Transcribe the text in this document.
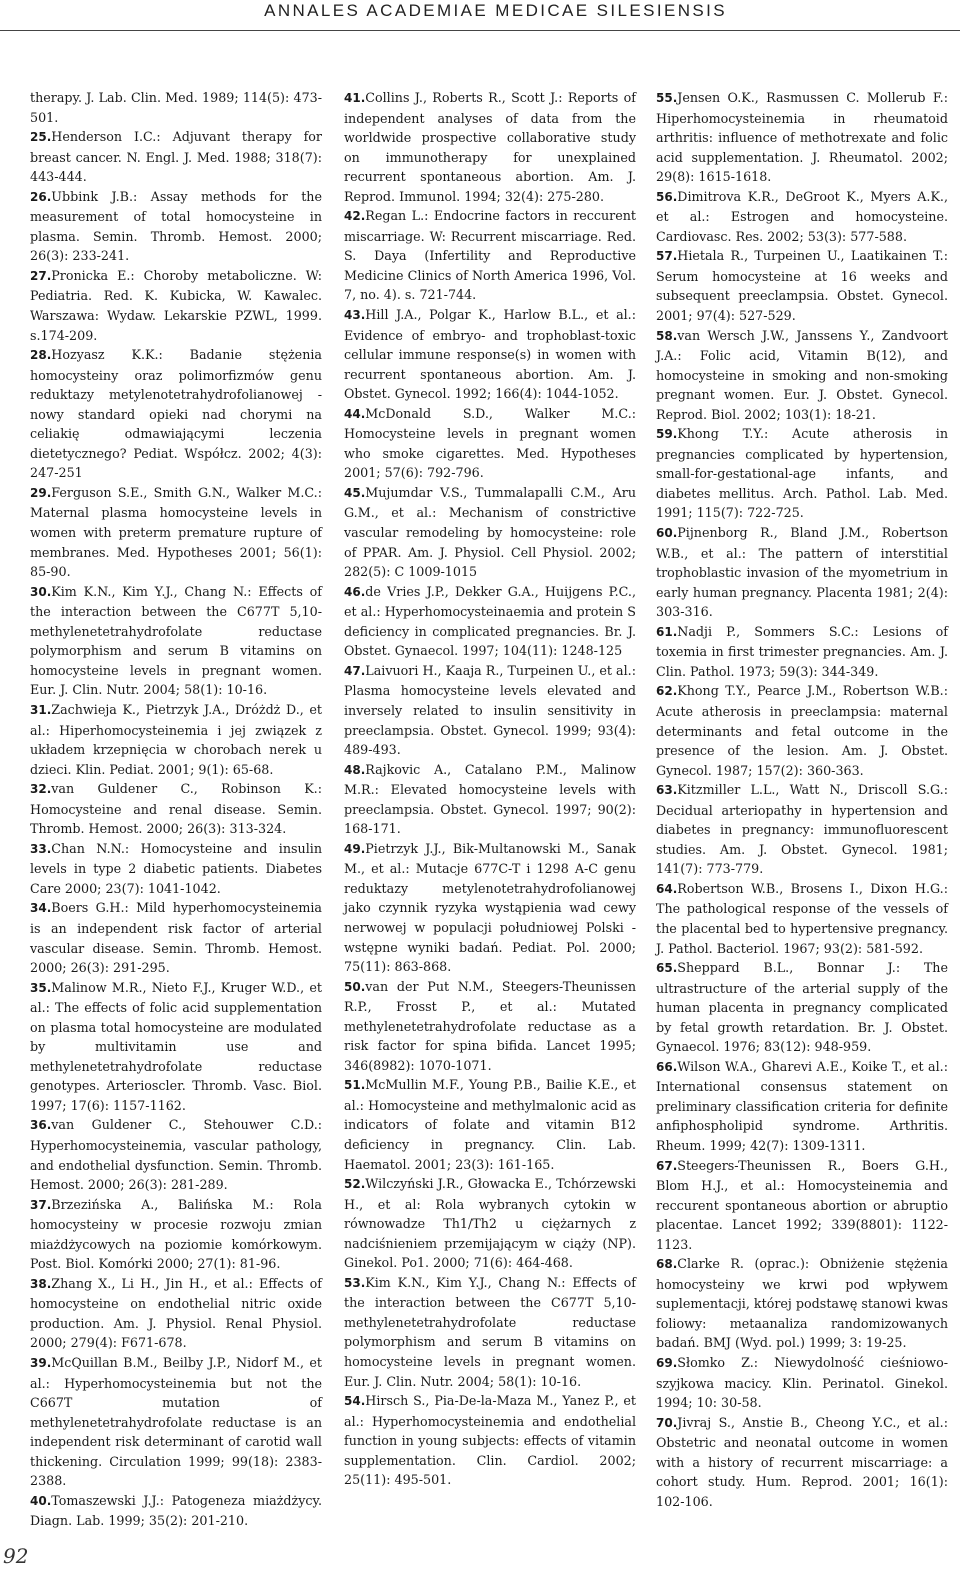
ANNALES ACADEMIAE MEDICAE SILESIENSIS

therapy. J. Lab. Clin. Med. 1989; 114(5): 473-501.

25.Henderson I.C.: Adjuvant therapy for breast cancer. N. Engl. J. Med. 1988; 318(7): 443-444.

26.Ubbink J.B.: Assay methods for the measurement of total homocysteine in plasma. Semin. Thromb. Hemost. 2000; 26(3): 233-241.

27.Pronicka E.: Choroby metaboliczne. W: Pediatria. Red. K. Kubicka, W. Kawalec. Warszawa: Wydaw. Lekarskie PZWL, 1999. s.174-209.

28.Hozyasz K.K.: Badanie stężenia homocysteiny oraz polimorfizmów genu reduktazy metylenotetrahydrofolianowej - nowy standard opieki nad chorymi na celiakię odmawiającymi leczenia dietetycznego? Pediat. Współcz. 2002; 4(3): 247-251

29.Ferguson S.E., Smith G.N., Walker M.C.: Maternal plasma homocysteine levels in women with preterm premature rupture of membranes. Med. Hypotheses 2001; 56(1): 85-90.

30.Kim K.N., Kim Y.J., Chang N.: Effects of the interaction between the C677T 5,10-methylenetetrahydrofolate reductase polymorphism and serum B vitamins on homocysteine levels in pregnant women. Eur. J. Clin. Nutr. 2004; 58(1): 10-16.

31.Zachwieja K., Pietrzyk J.A., Dróżdż D., et al.: Hiperhomocysteinemia i jej związek z układem krzepnięcia w chorobach nerek u dzieci. Klin. Pediat. 2001; 9(1): 65-68.

32.van Guldener C., Robinson K.: Homocysteine and renal disease. Semin. Thromb. Hemost. 2000; 26(3): 313-324.

33.Chan N.N.: Homocysteine and insulin levels in type 2 diabetic patients. Diabetes Care 2000; 23(7): 1041-1042.

34.Boers G.H.: Mild hyperhomocysteinemia is an independent risk factor of arterial vascular disease. Semin. Thromb. Hemost. 2000; 26(3): 291-295.

35.Malinow M.R., Nieto F.J., Kruger W.D., et al.: The effects of folic acid supplementation on plasma total homocysteine are modulated by multivitamin use and methylenetetrahydrofolate reductase genotypes. Arterioscler. Thromb. Vasc. Biol. 1997; 17(6): 1157-1162.

36.van Guldener C., Stehouwer C.D.: Hyperhomocysteinemia, vascular pathology, and endothelial dysfunction. Semin. Thromb. Hemost. 2000; 26(3): 281-289.

37.Brzezińska A., Balińska M.: Rola homocysteiny w procesie rozwoju zmian miażdżycowych na poziomie komórkowym. Post. Biol. Komórki 2000; 27(1): 81-96.

38.Zhang X., Li H., Jin H., et al.: Effects of homocysteine on endothelial nitric oxide production. Am. J. Physiol. Renal Physiol. 2000; 279(4): F671-678.

39.McQuillan B.M., Beilby J.P., Nidorf M., et al.: Hyperhomocysteinemia but not the C667T mutation of methylenetetrahydrofolate reductase is an independent risk determinant of carotid wall thickening. Circulation 1999; 99(18): 2383-2388.

40.Tomaszewski J.J.: Patogeneza miażdżycy. Diagn. Lab. 1999; 35(2): 201-210.

41.Collins J., Roberts R., Scott J.: Reports of independent analyses of data from the worldwide prospective collaborative study on immunotherapy for unexplained recurrent spontaneous abortion. Am. J. Reprod. Immunol. 1994; 32(4): 275-280.

42.Regan L.: Endocrine factors in reccurent miscarriage. W: Recurrent miscarriage. Red. S. Daya (Infertility and Reproductive Medicine Clinics of North America 1996, Vol. 7, no. 4). s. 721-744.

43.Hill J.A., Polgar K., Harlow B.L., et al.: Evidence of embryo- and trophoblast-toxic cellular immune response(s) in women with recurrent spontaneous abortion. Am. J. Obstet. Gynecol. 1992; 166(4): 1044-1052.

44.McDonald S.D., Walker M.C.: Homocysteine levels in pregnant women who smoke cigarettes. Med. Hypotheses 2001; 57(6): 792-796.

45.Mujumdar V.S., Tummalapalli C.M., Aru G.M., et al.: Mechanism of constrictive vascular remodeling by homocysteine: role of PPAR. Am. J. Physiol. Cell Physiol. 2002; 282(5): C 1009-1015

46.de Vries J.P., Dekker G.A., Huijgens P.C., et al.: Hyperhomocysteinaemia and protein S deficiency in complicated pregnancies. Br. J. Obstet. Gynaecol. 1997; 104(11): 1248-125

47.Laivuori H., Kaaja R., Turpeinen U., et al.: Plasma homocysteine levels elevated and inversely related to insulin sensitivity in preeclampsia. Obstet. Gynecol. 1999; 93(4): 489-493.

48.Rajkovic A., Catalano P.M., Malinow M.R.: Elevated homocysteine levels with preeclampsia. Obstet. Gynecol. 1997; 90(2): 168-171.

49.Pietrzyk J.J., Bik-Multanowski M., Sanak M., et al.: Mutacje 677C-T i 1298 A-C genu reduktazy metylenotetrahydrofolianowej jako czynnik ryzyka wystąpienia wad cewy nerwowej w populacji południowej Polski - wstępne wyniki badań. Pediat. Pol. 2000; 75(11): 863-868.

50.van der Put N.M., Steegers-Theunissen R.P., Frosst P., et al.: Mutated methylenetetrahydrofolate reductase as a risk factor for spina bifida. Lancet 1995; 346(8982): 1070-1071.

51.McMullin M.F., Young P.B., Bailie K.E., et al.: Homocysteine and methylmalonic acid as indicators of folate and vitamin B12 deficiency in pregnancy. Clin. Lab. Haematol. 2001; 23(3): 161-165.

52.Wilczyński J.R., Głowacka E., Tchórzewski H., et al: Rola wybranych cytokin w równowadze Th1/Th2 u ciężarnych z nadciśnieniem przemijającym w ciąży (NP). Ginekol. Po1. 2000; 71(6): 464-468.

53.Kim K.N., Kim Y.J., Chang N.: Effects of the interaction between the C677T 5,10-methylenetetrahydrofolate reductase polymorphism and serum B vitamins on homocysteine levels in pregnant women. Eur. J. Clin. Nutr. 2004; 58(1): 10-16.

54.Hirsch S., Pia-De-la-Maza M., Yanez P., et al.: Hyperhomocysteinemia and endothelial function in young subjects: effects of vitamin supplementation. Clin. Cardiol. 2002; 25(11): 495-501.

55.Jensen O.K., Rasmussen C. Mollerub F.: Hiperhomocysteinemia in rheumatoid arthritis: influence of methotrexate and folic acid supplementation. J. Rheumatol. 2002; 29(8): 1615-1618.

56.Dimitrova K.R., DeGroot K., Myers A.K., et al.: Estrogen and homocysteine. Cardiovasc. Res. 2002; 53(3): 577-588.

57.Hietala R., Turpeinen U., Laatikainen T.: Serum homocysteine at 16 weeks and subsequent preeclampsia. Obstet. Gynecol. 2001; 97(4): 527-529.

58.van Wersch J.W., Janssens Y., Zandvoort J.A.: Folic acid, Vitamin B(12), and homocysteine in smoking and non-smoking pregnant women. Eur. J. Obstet. Gynecol. Reprod. Biol. 2002; 103(1): 18-21.

59.Khong T.Y.: Acute atherosis in pregnancies complicated by hypertension, small-for-gestational-age infants, and diabetes mellitus. Arch. Pathol. Lab. Med. 1991; 115(7): 722-725.

60.Pijnenborg R., Bland J.M., Robertson W.B., et al.: The pattern of interstitial trophoblastic invasion of the myometrium in early human pregnancy. Placenta 1981; 2(4): 303-316.

61.Nadji P., Sommers S.C.: Lesions of toxemia in first trimester pregnancies. Am. J. Clin. Pathol. 1973; 59(3): 344-349.

62.Khong T.Y., Pearce J.M., Robertson W.B.: Acute atherosis in preeclampsia: maternal determinants and fetal outcome in the presence of the lesion. Am. J. Obstet. Gynecol. 1987; 157(2): 360-363.

63.Kitzmiller L.L., Watt N., Driscoll S.G.: Decidual arteriopathy in hypertension and diabetes in pregnancy: immunofluorescent studies. Am. J. Obstet. Gynecol. 1981; 141(7): 773-779.

64.Robertson W.B., Brosens I., Dixon H.G.: The pathological response of the vessels of the placental bed to hypertensive pregnancy. J. Pathol. Bacteriol. 1967; 93(2): 581-592.

65.Sheppard B.L., Bonnar J.: The ultrastructure of the arterial supply of the human placenta in pregnancy complicated by fetal growth retardation. Br. J. Obstet. Gynaecol. 1976; 83(12): 948-959.

66.Wilson W.A., Gharevi A.E., Koike T., et al.: International consensus statement on preliminary classification criteria for definite anfiphospholipid syndrome. Arthritis. Rheum. 1999; 42(7): 1309-1311.

67.Steegers-Theunissen R., Boers G.H., Blom H.J., et al.: Homocysteinemia and reccurent spontaneous abortion or abruptio placentae. Lancet 1992; 339(8801): 1122-1123.

68.Clarke R. (oprac.): Obniżenie stężenia homocysteiny we krwi pod wpływem suplementacji, której podstawę stanowi kwas foliowy: metaanaliza randomizowanych badań. BMJ (Wyd. pol.) 1999; 3: 19-25.

69.Słomko Z.: Niewydolność cieśniowo-szyjkowa macicy. Klin. Perinatol. Ginekol. 1994; 10: 30-58.

70.Jivraj S., Anstie B., Cheong Y.C., et al.: Obstetric and neonatal outcome in women with a history of recurrent miscarriage: a cohort study. Hum. Reprod. 2001; 16(1): 102-106.

92
